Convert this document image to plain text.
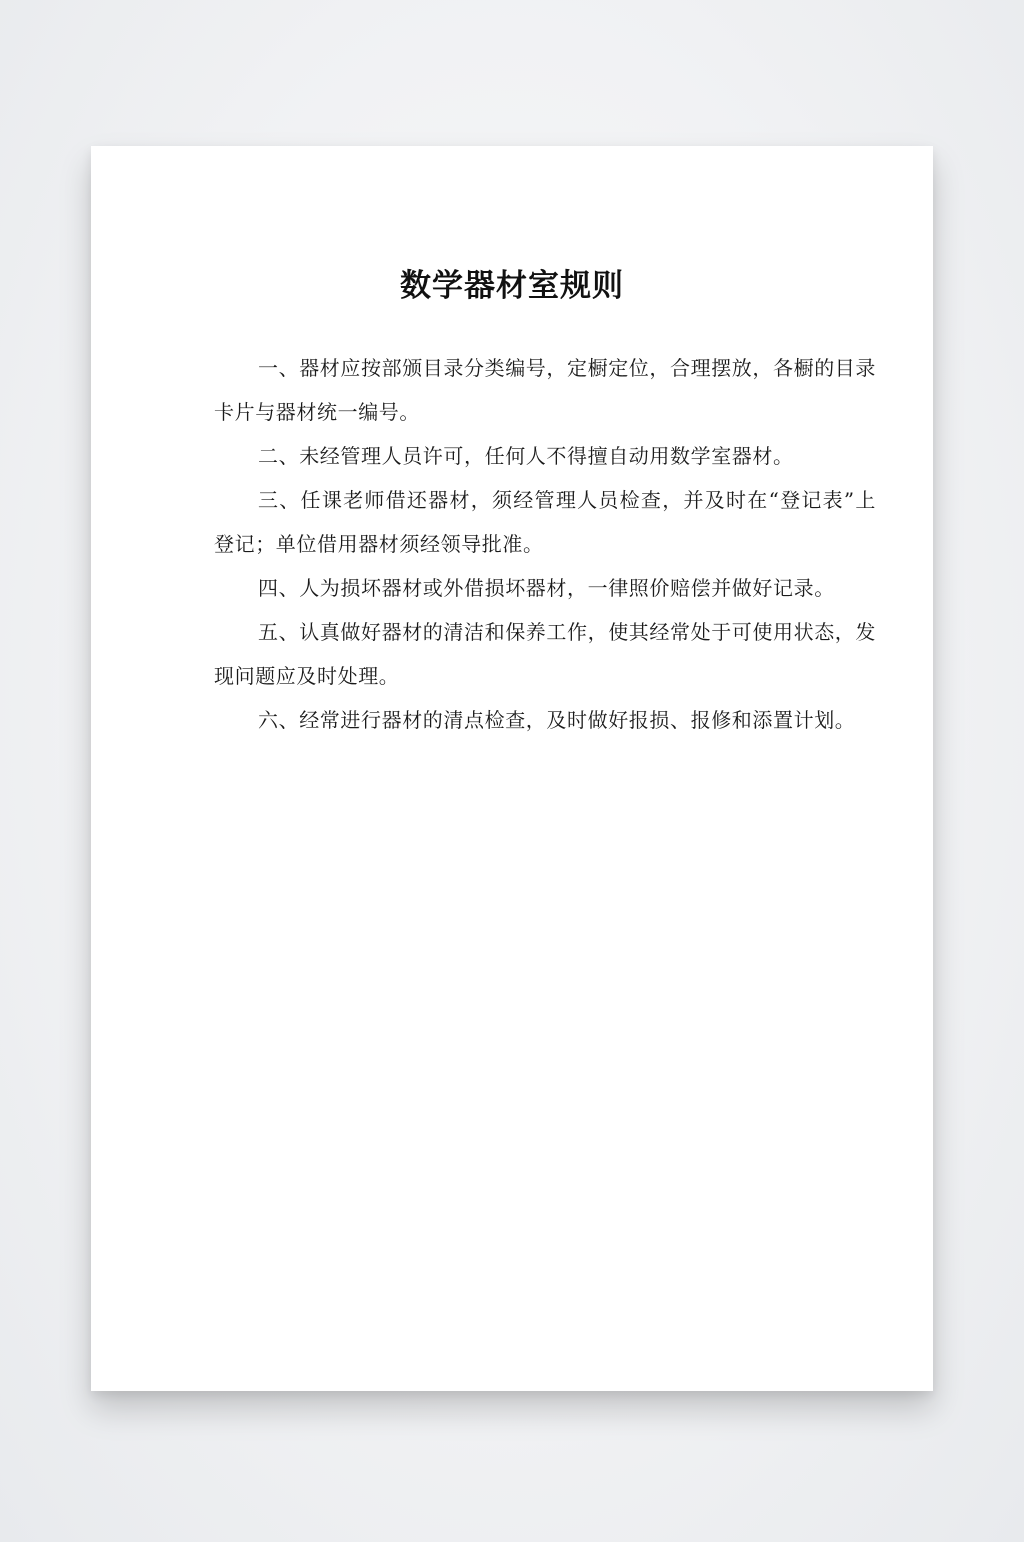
数学器材室规则

一、器材应按部颁目录分类编号，定橱定位，合理摆放，各橱的目录卡片与器材统一编号。

二、未经管理人员许可，任何人不得擅自动用数学室器材。

三、任课老师借还器材，须经管理人员检查，并及时在“登记表”上登记；单位借用器材须经领导批准。

四、人为损坏器材或外借损坏器材，一律照价赔偿并做好记录。

五、认真做好器材的清洁和保养工作，使其经常处于可使用状态，发现问题应及时处理。

六、经常进行器材的清点检查，及时做好报损、报修和添置计划。
